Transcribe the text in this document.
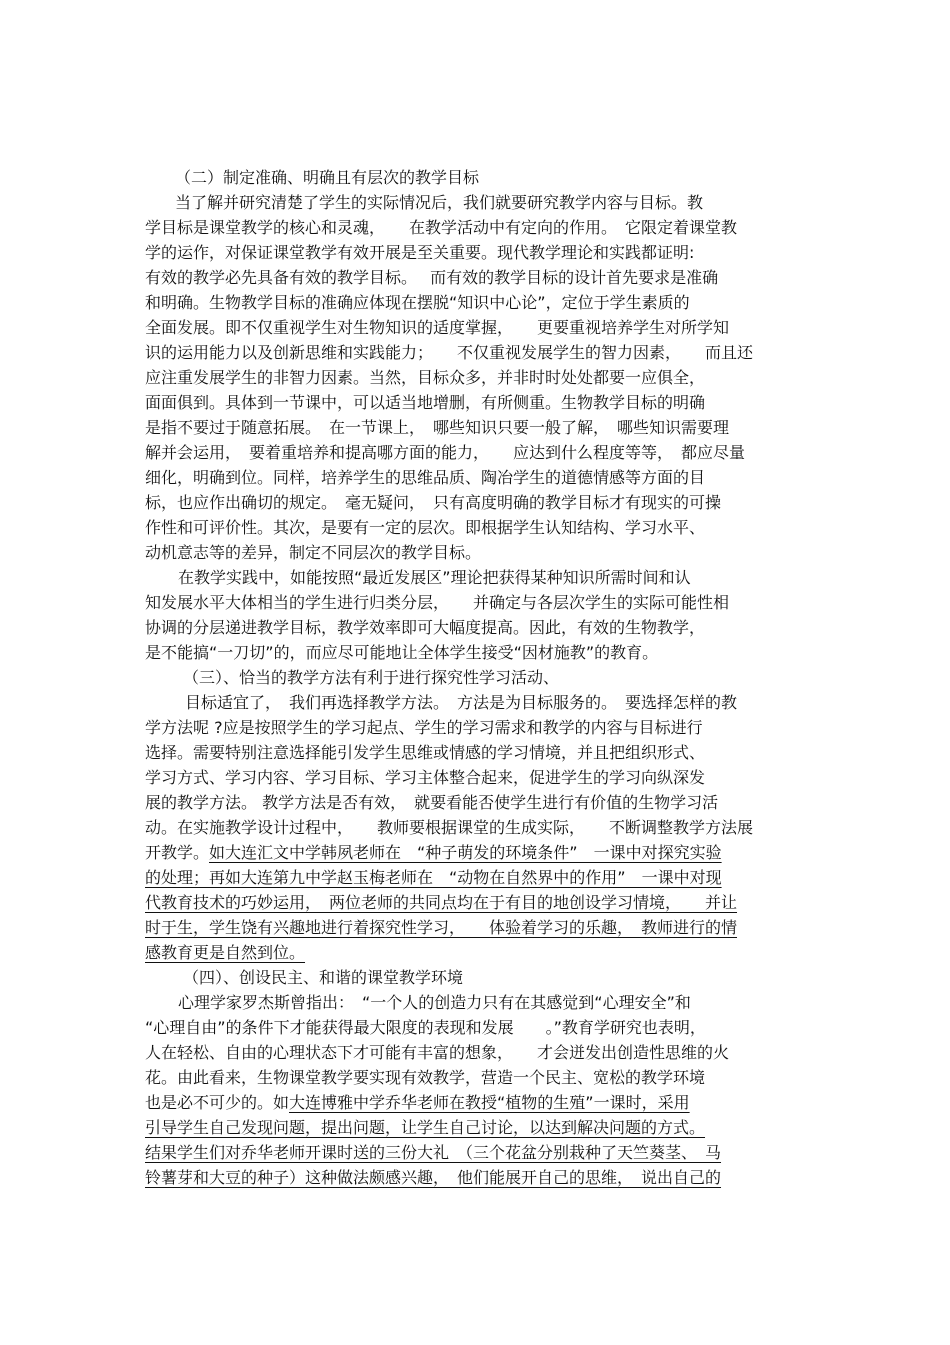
（二）制定准确、明确且有层次的教学目标
当了解并研究清楚了学生的实际情况后，我们就要研究教学内容与目标。教
学目标是课堂教学的核心和灵魂，　　在教学活动中有定向的作用。　它限定着课堂教
学的运作，对保证课堂教学有效开展是至关重要。现代教学理论和实践都证明:
有效的教学必先具备有效的教学目标。　 而有效的教学目标的设计首先要求是准确
和明确。生物教学目标的准确应体现在摆脱“知识中心论”，定位于学生素质的
全面发展。即不仅重视学生对生物知识的适度掌握，　　更要重视培养学生对所学知
识的运用能力以及创新思维和实践能力；　　不仅重视发展学生的智力因素，　　而且还
应注重发展学生的非智力因素。当然，目标众多，并非时时处处都要一应俱全，
面面俱到。具体到一节课中，可以适当地增删，有所侧重。生物教学目标的明确
是指不要过于随意拓展。　在一节课上，　哪些知识只要一般了解，　哪些知识需要理
解并会运用，　要着重培养和提高哪方面的能力，　　应达到什么程度等等，　都应尽量
细化，明确到位。同样，培养学生的思维品质、陶冶学生的道德情感等方面的目
标，也应作出确切的规定。　毫无疑问，　只有高度明确的教学目标才有现实的可操
作性和可评价性。其次，是要有一定的层次。即根据学生认知结构、学习水平、
动机意志等的差异，制定不同层次的教学目标。
在教学实践中，如能按照“最近发展区”理论把获得某种知识所需时间和认
知发展水平大体相当的学生进行归类分层，　　并确定与各层次学生的实际可能性相
协调的分层递进教学目标，教学效率即可大幅度提高。因此，有效的生物教学，
是不能搞“一刀切”的，而应尽可能地让全体学生接受“因材施教”的教育。
（三）、恰当的教学方法有利于进行探究性学习活动、
目标适宜了，　我们再选择教学方法。　方法是为目标服务的。　要选择怎样的教
学方法呢 ?应是按照学生的学习起点、学生的学习需求和教学的内容与目标进行
选择。需要特别注意选择能引发学生思维或情感的学习情境，并且把组织形式、
学习方式、学习内容、学习目标、学习主体整合起来，促进学生的学习向纵深发
展的教学方法。 教学方法是否有效，　就要看能否使学生进行有价值的生物学习活
动。在实施教学设计过程中，　　教师要根据课堂的生成实际，　　不断调整教学方法展
开教学。如大连汇文中学韩夙老师在　“种子萌发的环境条件”　一课中对探究实验
的处理；再如大连第九中学赵玉梅老师在　“动物在自然界中的作用”　一课中对现
代教育技术的巧妙运用，　两位老师的共同点均在于有目的地创设学习情境，　　并让
时于生，学生饶有兴趣地进行着探究性学习，　　体验着学习的乐趣，　教师进行的情
感教育更是自然到位。
（四）、创设民主、和谐的课堂教学环境
心理学家罗杰斯曾指出：　“一个人的创造力只有在其感觉到“心理安全”和
“心理自由”的条件下才能获得最大限度的表现和发展　　。”教育学研究也表明，
人在轻松、自由的心理状态下才可能有丰富的想象，　　才会迸发出创造性思维的火
花。由此看来，生物课堂教学要实现有效教学，营造一个民主、宽松的教学环境
也是必不可少的。如大连博雅中学乔华老师在教授“植物的生殖”一课时，采用
引导学生自己发现问题，提出问题，让学生自己讨论，以达到解决问题的方式。
结果学生们对乔华老师开课时送的三份大礼　（三个花盆分别栽种了天竺葵茎、　马
铃薯芽和大豆的种子）这种做法颇感兴趣，　他们能展开自己的思维，　说出自己的
